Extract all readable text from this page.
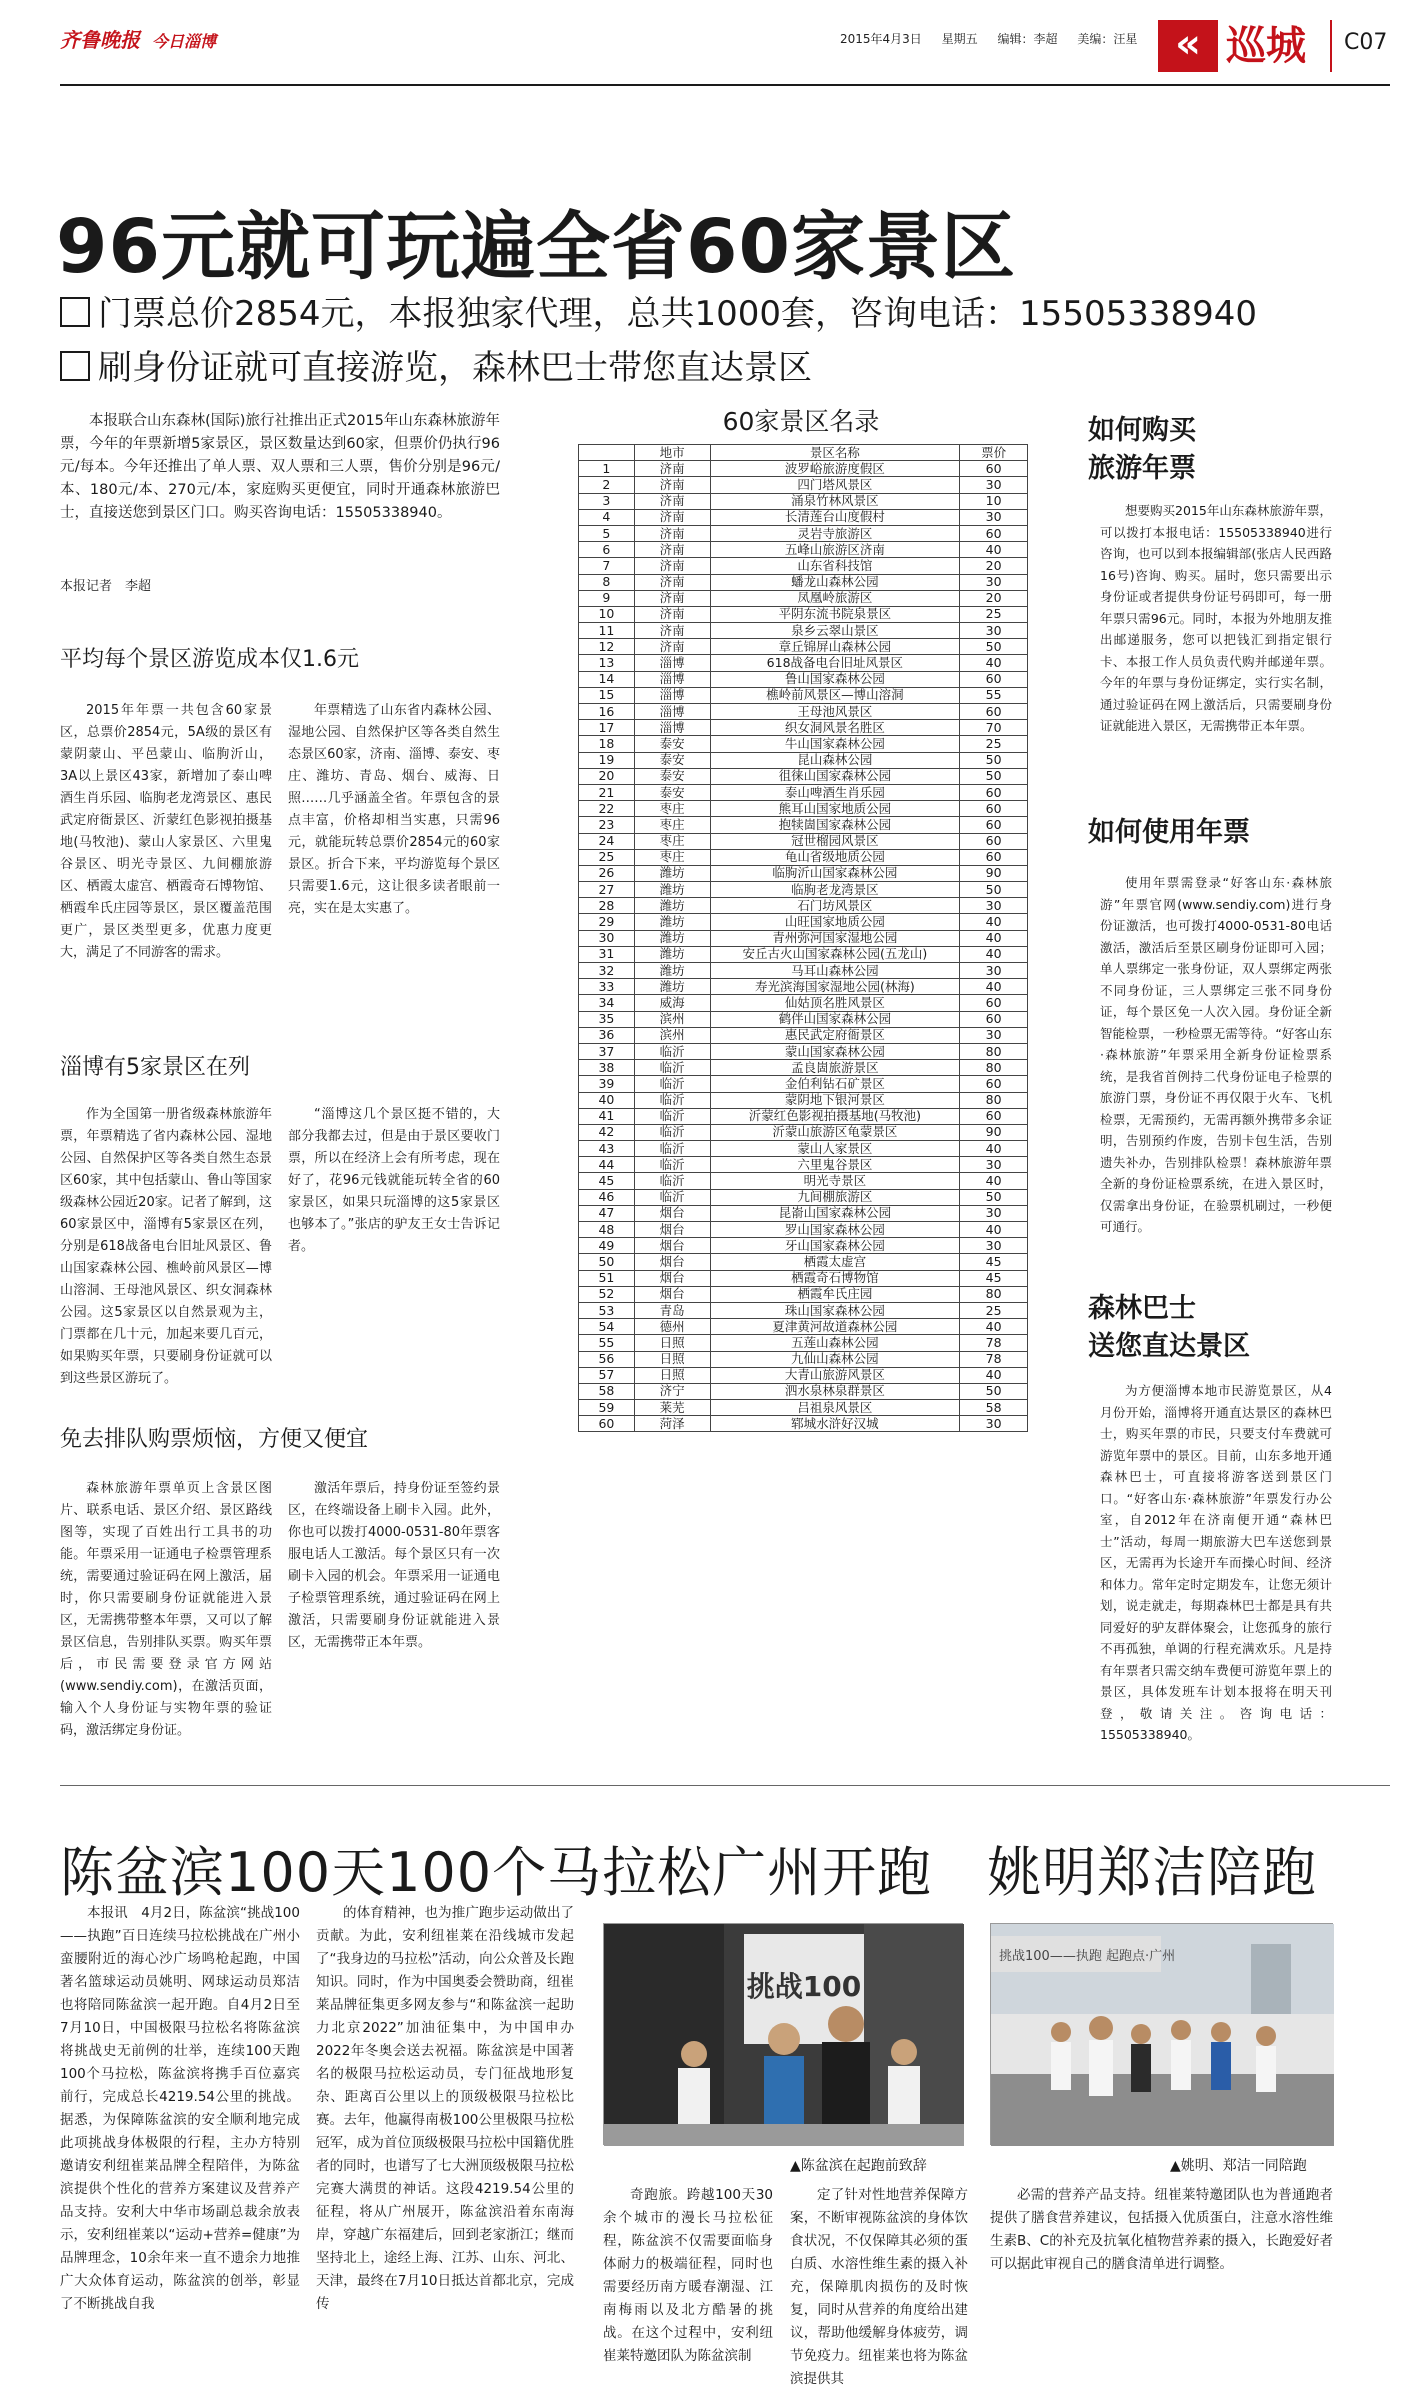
齐鲁晚报 今日淄博	2015年4月3日 星期五 编辑：李超 美编：汪星 « 巡城 C07
96元就可玩遍全省60家景区
门票总价2854元，本报独家代理，总共1000套，咨询电话：15505338940
刷身份证就可直接游览，森林巴士带您直达景区

本报联合山东森林(国际)旅行社推出正式2015年山东森林旅游年票，今年的年票新增5家景区，景区数量达到60家，但票价仍执行96元/每本。今年还推出了单人票、双人票和三人票，售价分别是96元/本、180元/本、270元/本，家庭购买更便宜，同时开通森林旅游巴士，直接送您到景区门口。购买咨询电话：15505338940。

本报记者　李超
平均每个景区游览成本仅1.6元

2015年年票一共包含60家景区，总票价2854元，5A级的景区有蒙阴蒙山、平邑蒙山、临朐沂山，3A以上景区43家，新增加了泰山啤酒生肖乐园、临朐老龙湾景区、惠民武定府衙景区、沂蒙红色影视拍摄基地(马牧池)、蒙山人家景区、六里鬼谷景区、明光寺景区、九间棚旅游区、栖霞太虚宫、栖霞奇石博物馆、栖霞牟氏庄园等景区，景区覆盖范围更广，景区类型更多，优惠力度更大，满足了不同游客的需求。

年票精选了山东省内森林公园、湿地公园、自然保护区等各类自然生态景区60家，济南、淄博、泰安、枣庄、潍坊、青岛、烟台、威海、日照……几乎涵盖全省。年票包含的景点丰富，价格却相当实惠，只需96元，就能玩转总票价2854元的60家景区。折合下来，平均游览每个景区只需要1.6元，这让很多读者眼前一亮，实在是太实惠了。

淄博有5家景区在列

作为全国第一册省级森林旅游年票，年票精选了省内森林公园、湿地公园、自然保护区等各类自然生态景区60家，其中包括蒙山、鲁山等国家级森林公园近20家。记者了解到，这60家景区中，淄博有5家景区在列，分别是618战备电台旧址风景区、鲁山国家森林公园、樵岭前风景区—博山溶洞、王母池风景区、织女洞森林公园。这5家景区以自然景观为主，门票都在几十元，加起来要几百元，如果购买年票，只要刷身份证就可以到这些景区游玩了。

“淄博这几个景区挺不错的，大部分我都去过，但是由于景区要收门票，所以在经济上会有所考虑，现在好了，花96元钱就能玩转全省的60家景区，如果只玩淄博的这5家景区也够本了。”张店的驴友王女士告诉记者。

免去排队购票烦恼，方便又便宜

森林旅游年票单页上含景区图片、联系电话、景区介绍、景区路线图等，实现了百姓出行工具书的功能。年票采用一证通电子检票管理系统，需要通过验证码在网上激活，届时，你只需要刷身份证就能进入景区，无需携带整本年票，又可以了解景区信息，告别排队买票。购买年票后，市民需要登录官方网站(www.sendiy.com)，在激活页面，输入个人身份证与实物年票的验证码，激活绑定身份证。

激活年票后，持身份证至签约景区，在终端设备上刷卡入园。此外，你也可以拨打4000-0531-80年票客服电话人工激活。每个景区只有一次刷卡入园的机会。年票采用一证通电子检票管理系统，通过验证码在网上激活，只需要刷身份证就能进入景区，无需携带正本年票。

60家景区名录
	地市	景区名称	票价
1	济南	波罗峪旅游度假区	60
2	济南	四门塔风景区	30
3	济南	涌泉竹林风景区	10
4	济南	长清莲台山度假村	30
5	济南	灵岩寺旅游区	60
6	济南	五峰山旅游区济南	40
7	济南	山东省科技馆	20
8	济南	蟠龙山森林公园	30
9	济南	凤凰岭旅游区	20
10	济南	平阴东流书院泉景区	25
11	济南	泉乡云翠山景区	30
12	济南	章丘锦屏山森林公园	50
13	淄博	618战备电台旧址风景区	40
14	淄博	鲁山国家森林公园	60
15	淄博	樵岭前风景区—博山溶洞	55
16	淄博	王母池风景区	60
17	淄博	织女洞风景名胜区	70
18	泰安	牛山国家森林公园	25
19	泰安	昆山森林公园	50
20	泰安	徂徕山国家森林公园	50
21	泰安	泰山啤酒生肖乐园	60
22	枣庄	熊耳山国家地质公园	60
23	枣庄	抱犊崮国家森林公园	60
24	枣庄	冠世榴园风景区	60
25	枣庄	龟山省级地质公园	60
26	潍坊	临朐沂山国家森林公园	90
27	潍坊	临朐老龙湾景区	50
28	潍坊	石门坊风景区	30
29	潍坊	山旺国家地质公园	40
30	潍坊	青州弥河国家湿地公园	40
31	潍坊	安丘古火山国家森林公园(五龙山)	40
32	潍坊	马耳山森林公园	30
33	潍坊	寿光滨海国家湿地公园(林海)	40
34	威海	仙姑顶名胜风景区	60
35	滨州	鹤伴山国家森林公园	60
36	滨州	惠民武定府衙景区	30
37	临沂	蒙山国家森林公园	80
38	临沂	孟良崮旅游景区	80
39	临沂	金伯利钻石矿景区	60
40	临沂	蒙阴地下银河景区	80
41	临沂	沂蒙红色影视拍摄基地(马牧池)	60
42	临沂	沂蒙山旅游区龟蒙景区	90
43	临沂	蒙山人家景区	40
44	临沂	六里鬼谷景区	30
45	临沂	明光寺景区	40
46	临沂	九间棚旅游区	50
47	烟台	昆嵛山国家森林公园	30
48	烟台	罗山国家森林公园	40
49	烟台	牙山国家森林公园	30
50	烟台	栖霞太虚宫	45
51	烟台	栖霞奇石博物馆	45
52	烟台	栖霞牟氏庄园	80
53	青岛	珠山国家森林公园	25
54	德州	夏津黄河故道森林公园	40
55	日照	五莲山森林公园	78
56	日照	九仙山森林公园	78
57	日照	大青山旅游风景区	40
58	济宁	泗水泉林泉群景区	50
59	莱芜	吕祖泉风景区	58
60	菏泽	郓城水浒好汉城	30
如何购买
旅游年票

想要购买2015年山东森林旅游年票，可以拨打本报电话：15505338940进行咨询，也可以到本报编辑部(张店人民西路16号)咨询、购买。届时，您只需要出示身份证或者提供身份证号码即可，每一册年票只需96元。同时，本报为外地朋友推出邮递服务，您可以把钱汇到指定银行卡、本报工作人员负责代购并邮递年票。今年的年票与身份证绑定，实行实名制，通过验证码在网上激活后，只需要刷身份证就能进入景区，无需携带正本年票。

如何使用年票

使用年票需登录“好客山东·森林旅游”年票官网(www.sendiy.com)进行身份证激活，也可拨打4000-0531-80电话激活，激活后至景区刷身份证即可入园；单人票绑定一张身份证，双人票绑定两张不同身份证，三人票绑定三张不同身份证，每个景区免一人次入园。身份证全新智能检票，一秒检票无需等待。“好客山东·森林旅游”年票采用全新身份证检票系统，是我省首例持二代身份证电子检票的旅游门票，身份证不再仅限于火车、飞机检票，无需预约，无需再额外携带多余证明，告别预约作废，告别卡包生活，告别遗失补办，告别排队检票！森林旅游年票全新的身份证检票系统，在进入景区时，仅需拿出身份证，在验票机刷过，一秒便可通行。

森林巴士
送您直达景区

为方便淄博本地市民游览景区，从4月份开始，淄博将开通直达景区的森林巴士，购买年票的市民，只要支付车费就可游览年票中的景区。目前，山东多地开通森林巴士，可直接将游客送到景区门口。“好客山东·森林旅游”年票发行办公室，自2012年在济南便开通“森林巴士”活动，每周一期旅游大巴车送您到景区，无需再为长途开车而操心时间、经济和体力。常年定时定期发车，让您无须计划，说走就走，每期森林巴士都是具有共同爱好的驴友群体聚会，让您孤身的旅行不再孤独，单调的行程充满欢乐。凡是持有年票者只需交纳车费便可游览年票上的景区，具体发班车计划本报将在明天刊登，敬请关注。咨询电话：15505338940。

陈盆滨100天100个马拉松广州开跑　姚明郑洁陪跑

本报讯　4月2日，陈盆滨“挑战100——执跑”百日连续马拉松挑战在广州小蛮腰附近的海心沙广场鸣枪起跑，中国著名篮球运动员姚明、网球运动员郑洁也将陪同陈盆滨一起开跑。自4月2日至7月10日，中国极限马拉松名将陈盆滨将挑战史无前例的壮举，连续100天跑100个马拉松，陈盆滨将携手百位嘉宾前行，完成总长4219.54公里的挑战。据悉，为保障陈盆滨的安全顺利地完成此项挑战身体极限的行程，主办方特别邀请安利纽崔莱品牌全程陪伴，为陈盆滨提供个性化的营养方案建议及营养产品支持。安利大中华市场副总裁余放表示，安利纽崔莱以“运动+营养=健康”为品牌理念，10余年来一直不遗余力地推广大众体育运动，陈盆滨的创举，彰显了不断挑战自我

的体育精神，也为推广跑步运动做出了贡献。为此，安利纽崔莱在沿线城市发起了“我身边的马拉松”活动，向公众普及长跑知识。同时，作为中国奥委会赞助商，纽崔莱品牌征集更多网友参与“和陈盆滨一起助力北京2022”加油征集中，为中国申办2022年冬奥会送去祝福。陈盆滨是中国著名的极限马拉松运动员，专门征战地形复杂、距离百公里以上的顶级极限马拉松比赛。去年，他赢得南极100公里极限马拉松冠军，成为首位顶级极限马拉松中国籍优胜者的同时，也谱写了七大洲顶级极限马拉松完赛大满贯的神话。这段4219.54公里的征程，将从广州展开，陈盆滨沿着东南海岸，穿越广东福建后，回到老家浙江；继而坚持北上，途经上海、江苏、山东、河北、天津，最终在7月10日抵达首都北京，完成传

挑战100
▲陈盆滨在起跑前致辞
挑战100——执跑 起跑点·广州
▲姚明、郑洁一同陪跑

奇跑旅。跨越100天30余个城市的漫长马拉松征程，陈盆滨不仅需要面临身体耐力的极端征程，同时也需要经历南方暖春潮湿、江南梅雨以及北方酷暑的挑战。在这个过程中，安利纽崔莱特邀团队为陈盆滨制

定了针对性地营养保障方案，不断审视陈盆滨的身体饮食状况，不仅保障其必须的蛋白质、水溶性维生素的摄入补充，保障肌肉损伤的及时恢复，同时从营养的角度给出建议，帮助他缓解身体疲劳，调节免疫力。纽崔莱也将为陈盆滨提供其

必需的营养产品支持。纽崔莱特邀团队也为普通跑者提供了膳食营养建议，包括摄入优质蛋白，注意水溶性维生素B、C的补充及抗氧化植物营养素的摄入，长跑爱好者可以据此审视自己的膳食清单进行调整。
